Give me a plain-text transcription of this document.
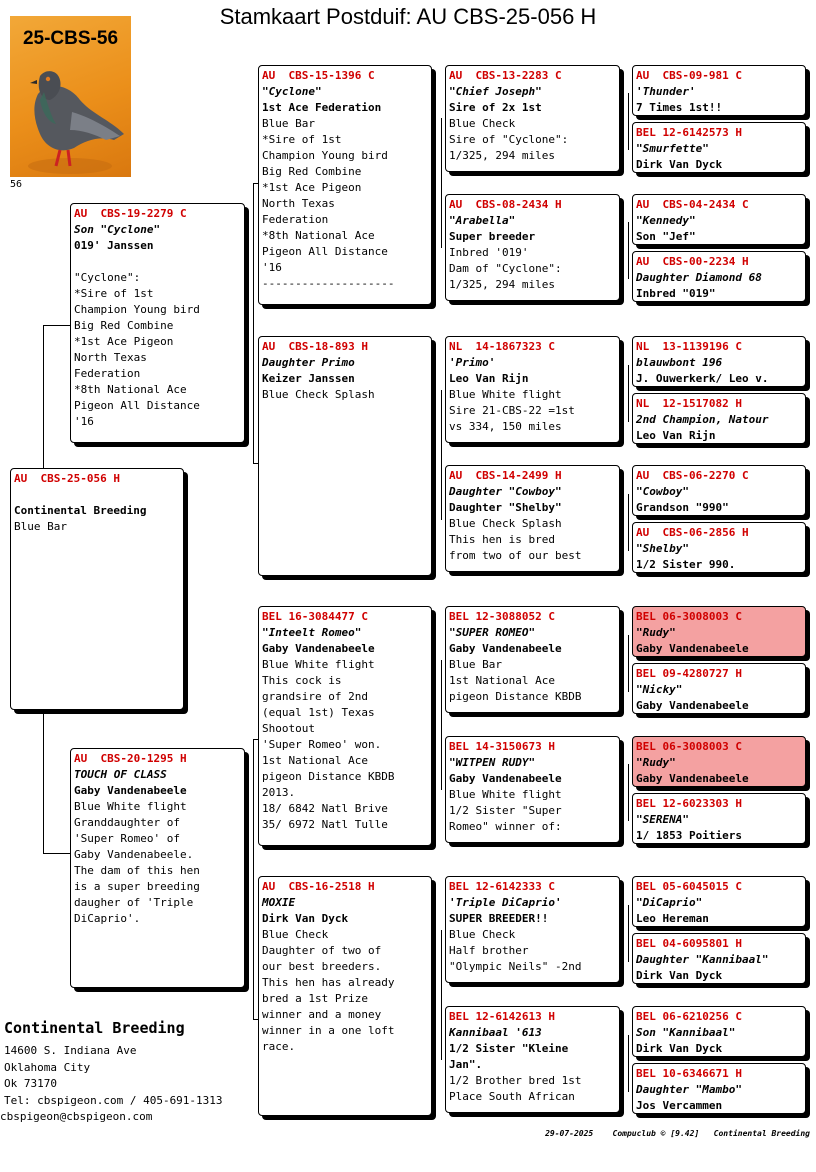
Stamkaart Postduif: AU CBS-25-056 H
25-CBS-56
56
AU  CBS-25-056 H
Continental Breeding
Blue Bar
AU  CBS-19-2279 C
Son "Cyclone"
019' Janssen

"Cyclone":
*Sire of 1st
Champion Young bird
Big Red Combine
*1st Ace Pigeon
North Texas
Federation
*8th National Ace
Pigeon All Distance
'16
AU  CBS-20-1295 H
TOUCH OF CLASS
Gaby Vandenabeele
Blue White flight
Granddaughter of
'Super Romeo' of
Gaby Vandenabeele.
The dam of this hen
is a super breeding
daugher of 'Triple
DiCaprio'.
AU  CBS-15-1396 C
"Cyclone"
1st Ace Federation
Blue Bar
*Sire of 1st
Champion Young bird
Big Red Combine
*1st Ace Pigeon
North Texas
Federation
*8th National Ace
Pigeon All Distance
'16
--------------------
AU  CBS-18-893 H
Daughter Primo
Keizer Janssen
Blue Check Splash
BEL 16-3084477 C
"Inteelt Romeo"
Gaby Vandenabeele
Blue White flight
This cock is
grandsire of 2nd
(equal 1st) Texas
Shootout
'Super Romeo' won.
1st National Ace
pigeon Distance KBDB
2013.
18/ 6842 Natl Brive
35/ 6972 Natl Tulle
AU  CBS-16-2518 H
MOXIE
Dirk Van Dyck
Blue Check
Daughter of two of
our best breeders.
This hen has already
bred a 1st Prize
winner and a money
winner in a one loft
race.
AU  CBS-13-2283 C
"Chief Joseph"
Sire of 2x 1st
Blue Check
Sire of "Cyclone":
1/325, 294 miles
AU  CBS-08-2434 H
"Arabella"
Super breeder
Inbred '019'
Dam of "Cyclone":
1/325, 294 miles
NL  14-1867323 C
'Primo'
Leo Van Rijn
Blue White flight
Sire 21-CBS-22 =1st
vs 334, 150 miles
AU  CBS-14-2499 H
Daughter "Cowboy"
Daughter "Shelby"
Blue Check Splash
This hen is bred
from two of our best
BEL 12-3088052 C
"SUPER ROMEO"
Gaby Vandenabeele
Blue Bar
1st National Ace
pigeon Distance KBDB
BEL 14-3150673 H
"WITPEN RUDY"
Gaby Vandenabeele
Blue White flight
1/2 Sister "Super
Romeo" winner of:
BEL 12-6142333 C
'Triple DiCaprio'
SUPER BREEDER!!
Blue Check
Half brother
"Olympic Neils" -2nd
BEL 12-6142613 H
Kannibaal '613
1/2 Sister "Kleine
Jan".
1/2 Brother bred 1st
Place South African
AU  CBS-09-981 C
'Thunder'
7 Times 1st!!
BEL 12-6142573 H
"Smurfette"
Dirk Van Dyck
AU  CBS-04-2434 C
"Kennedy"
Son "Jef"
AU  CBS-00-2234 H
Daughter Diamond 68
Inbred "019"
NL  13-1139196 C
blauwbont 196
J. Ouwerkerk/ Leo v.
NL  12-1517082 H
2nd Champion, Natour
Leo Van Rijn
AU  CBS-06-2270 C
"Cowboy"
Grandson "990"
AU  CBS-06-2856 H
"Shelby"
1/2 Sister 990.
BEL 06-3008003 C
"Rudy"
Gaby Vandenabeele
BEL 09-4280727 H
"Nicky"
Gaby Vandenabeele
BEL 06-3008003 C
"Rudy"
Gaby Vandenabeele
BEL 12-6023303 H
"SERENA"
1/ 1853 Poitiers
BEL 05-6045015 C
"DiCaprio"
Leo Hereman
BEL 04-6095801 H
Daughter "Kannibaal"
Dirk Van Dyck
BEL 06-6210256 C
Son "Kannibaal"
Dirk Van Dyck
BEL 10-6346671 H
Daughter "Mambo"
Jos Vercammen
Continental Breeding
14600 S. Indiana Ave
Oklahoma City
Ok 73170
Tel: cbspigeon.com / 405-691-1313
cbspigeon@cbspigeon.com
29-07-2025 Compuclub © [9.42] Continental Breeding
